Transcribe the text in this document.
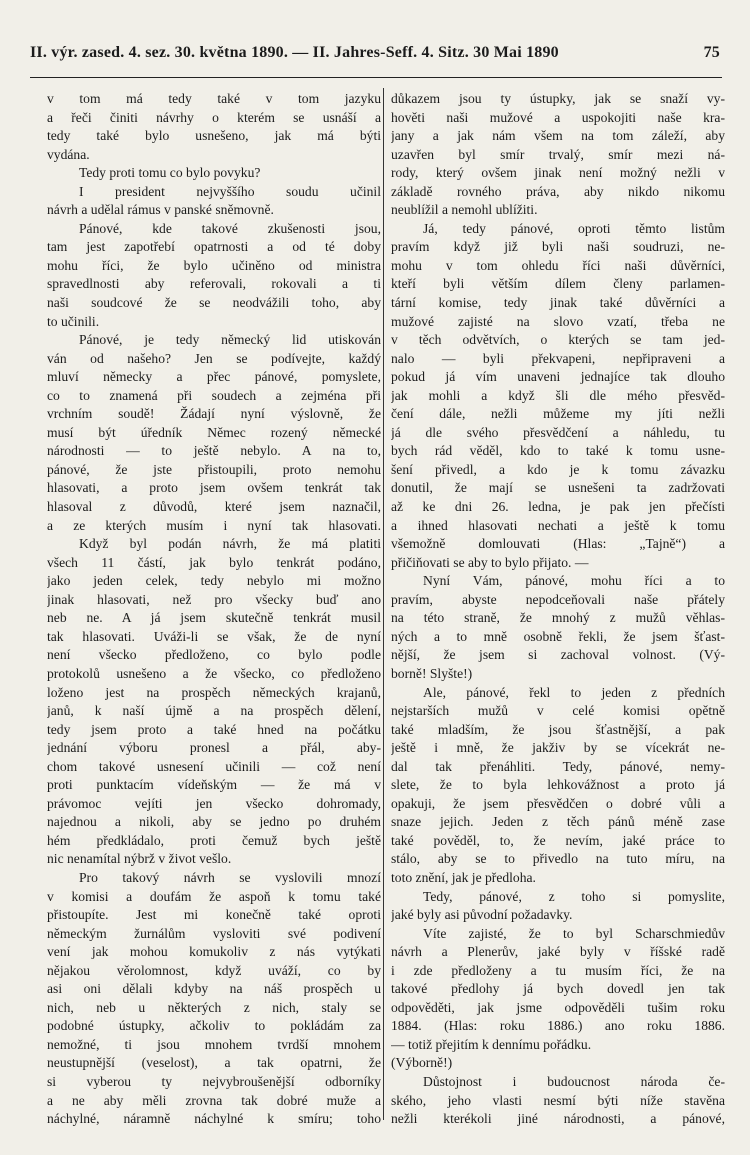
II. výr. zased. 4. sez. 30. května 1890. — II. Jahres-Seff. 4. Sitz. 30 Mai 1890	75
v tom má tedy také v tom jazyku
a řeči činiti návrhy o kterém se usnáší a
tedy také bylo usnešeno, jak má býti
vydána.
Tedy proti tomu co bylo povyku?
I president nejvyššího soudu učinil
návrh a udělal rámus v panské sněmovně.
Pánové, kde takové zkušenosti jsou,
tam jest zapotřebí opatrnosti a od té doby
mohu říci, že bylo učiněno od ministra
spravedlnosti aby referovali, rokovali a ti
naši soudcové že se neodvážili toho, aby
to učinili.
Pánové, je tedy německý lid utiskován
ván od našeho? Jen se podívejte, každý
mluví německy a přec pánové, pomyslete,
co to znamená při soudech a zejména při
vrchním soudě! Žádají nyní výslovně, že
musí být úředník Němec rozený německé
národnosti — to ještě nebylo. A na to,
pánové, že jste přistoupili, proto nemohu
hlasovati, a proto jsem ovšem tenkrát tak
hlasoval z důvodů, které jsem naznačil,
a ze kterých musím i nyní tak hlasovati.
Když byl podán návrh, že má platiti
všech 11 částí, jak bylo tenkrát podáno,
jako jeden celek, tedy nebylo mi možno
jinak hlasovati, než pro všecky buď ano
neb ne. A já jsem skutečně tenkrát musil
tak hlasovati. Uváži-li se však, že de nyní
není všecko předloženo, co bylo podle
protokolů usnešeno a že všecko, co předloženo
loženo jest na prospěch německých krajanů,
janů, k naší újmě a na prospěch dělení,
tedy jsem proto a také hned na počátku
jednání výboru pronesl a přál, aby-
chom takové usnesení učinili — což není
proti punktacím vídeňským — že má v
právomoc vejíti jen všecko dohromady,
najednou a nikoli, aby se jedno po druhém
hém předkládalo, proti čemuž bych ještě
nic nenamítal nýbrž v život vešlo.
Pro takový návrh se vyslovili mnozí
v komisi a doufám že aspoň k tomu také
přistoupíte. Jest mi konečně také oproti
německým žurnálům vysloviti své podivení
vení jak mohou komukoliv z nás vytýkati
nějakou věrolomnost, když uváží, co by
asi oni dělali kdyby na náš prospěch u
nich, neb u některých z nich, staly se
podobné ústupky, ačkoliv to pokládám za
nemožné, ti jsou mnohem tvrdší mnohem
neustupnější (veselost), a tak opatrni, že
si vyberou ty nejvybroušenější odborníky
a ne aby měli zrovna tak dobré muže a
náchylné, náramně náchylné k smíru; toho
důkazem jsou ty ústupky, jak se snaží vy-
hověti naši mužové a uspokojiti naše kra-
jany a jak nám všem na tom záleží, aby
uzavřen byl smír trvalý, smír mezi ná-
rody, který ovšem jinak není možný nežli v
základě rovného práva, aby nikdo nikomu
neublížil a nemohl ublížiti.
Já, tedy pánové, oproti těmto listům
pravím když již byli naši soudruzi, ne-
mohu v tom ohledu říci naši důvěrníci,
kteří byli větším dílem členy parlamen-
tární komise, tedy jinak také důvěrníci a
mužové zajisté na slovo vzatí, třeba ne
v těch odvětvích, o kterých se tam jed-
nalo — byli překvapeni, nepřipraveni a
pokud já vím unaveni jednajíce tak dlouho
jak mohli a když šli dle mého přesvěd-
čení dále, nežli můžeme my jíti nežli
já dle svého přesvědčení a náhledu, tu
bych rád věděl, kdo to také k tomu usne-
šení přivedl, a kdo je k tomu závazku
donutil, že mají se usnešeni ta zadržovati
až ke dni 26. ledna, je pak jen přečísti
a ihned hlasovati nechati a ještě k tomu
všemožně domlouvati (Hlas: „Tajně“) a
přičiňovati se aby to bylo přijato. —
Nyní Vám, pánové, mohu říci a to
pravím, abyste nepodceňovali naše přátely
na této straně, že mnohý z mužů věhlas-
ných a to mně osobně řekli, že jsem šťast-
nější, že jsem si zachoval volnost. (Vý-
borně! Slyšte!)
Ale, pánové, řekl to jeden z předních
nejstarších mužů v celé komisi opětně
také mladším, že jsou šťastnější, a pak
ještě i mně, že jakživ by se vícekrát ne-
dal tak přenáhliti. Tedy, pánové, nemy-
slete, že to byla lehkovážnost a proto já
opakuji, že jsem přesvědčen o dobré vůli a
snaze jejich. Jeden z těch pánů méně zase
také pověděl, to, že nevím, jaké práce to
stálo, aby se to přivedlo na tuto míru, na
toto znění, jak je předloha.
Tedy, pánové, z toho si pomyslite,
jaké byly asi původní požadavky.
Víte zajisté, že to byl Scharschmiedův
návrh a Plenerův, jaké byly v říšské radě
i zde předloženy a tu musím říci, že na
takové předlohy já bych dovedl jen tak
odpověděti, jak jsme odpověděli tušim roku
1884. (Hlas: roku 1886.) ano roku 1886.
— totiž přejitím k dennímu pořádku.
(Výborně!)
Důstojnost i budoucnost národa če-
ského, jeho vlasti nesmí býti níže stavěna
nežli kterékoli jiné národnosti, a pánové,
